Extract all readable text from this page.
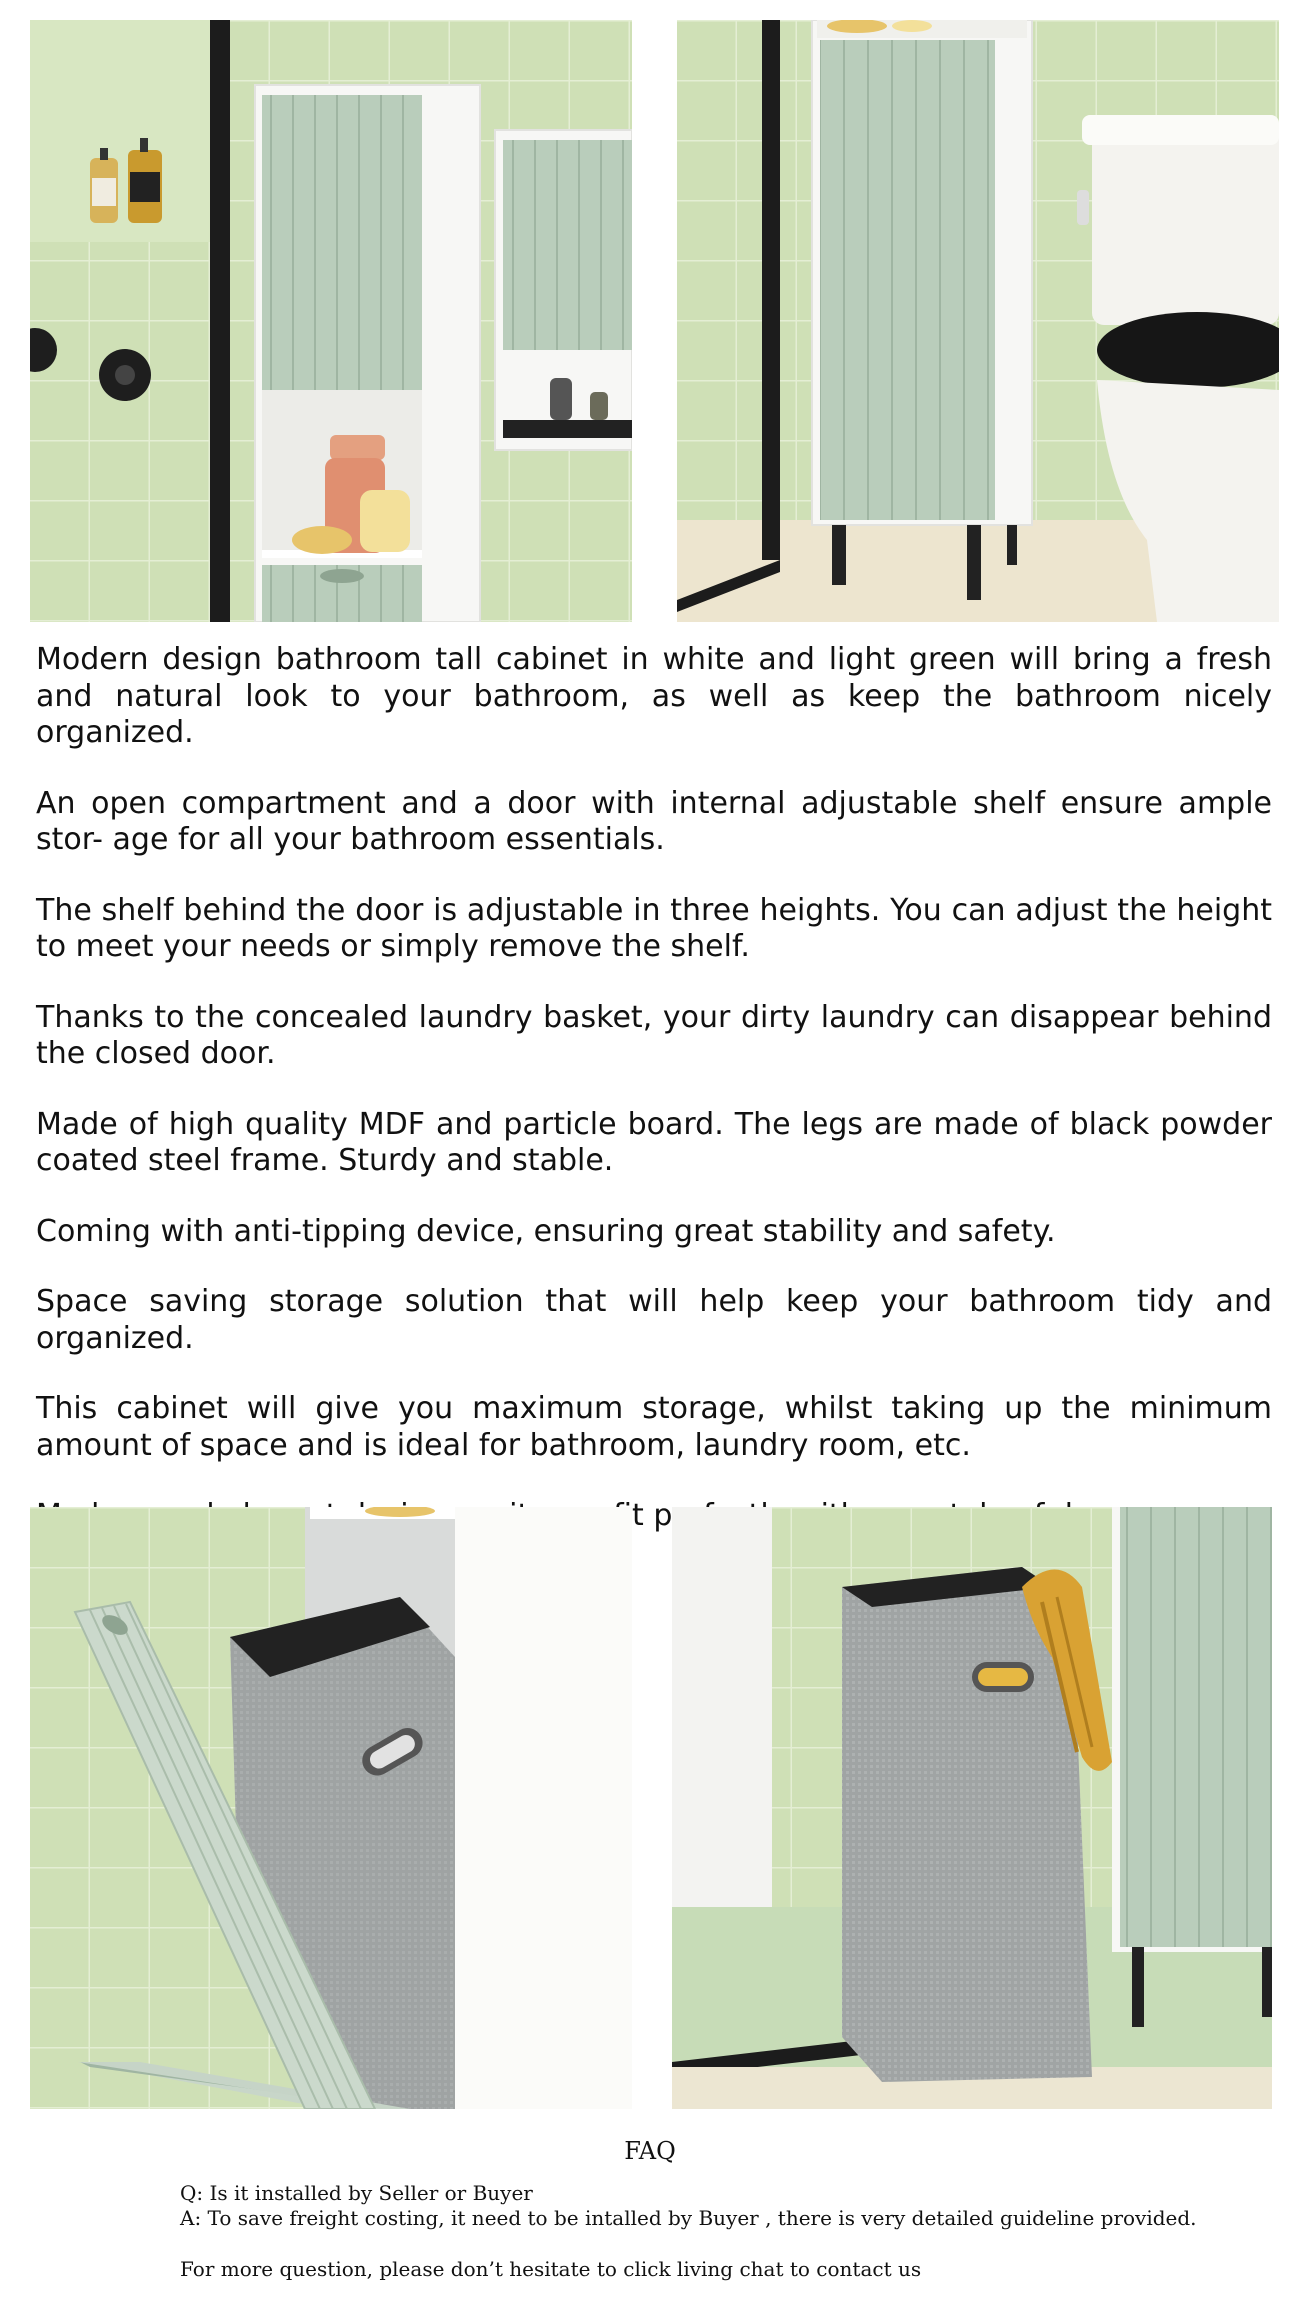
Modern design bathroom tall cabinet in white and light green will bring a fresh and natural look to your bathroom, as well as keep the bathroom nicely organized.

An open compartment and a door with internal adjustable shelf ensure ample stor- age for all your bathroom essentials.

The shelf behind the door is adjustable in three heights. You can adjust the height to meet your needs or simply remove the shelf.

Thanks to the concealed laundry basket, your dirty laundry can disappear behind the closed door.

Made of high quality MDF and particle board. The legs are made of black powder coated steel frame. Sturdy and stable.

Coming with anti-tipping device, ensuring great stability and safety.

Space saving storage solution that will help keep your bathroom tidy and organized.

This cabinet will give you maximum storage, whilst taking up the minimum amount of space and is ideal for bathroom, laundry room, etc.

FAQ
Q: Is it installed by Seller or Buyer
A: To save freight costing, it need to be intalled by Buyer , there is very detailed guideline provided.
For more question, please don’t hesitate to click living chat to contact us
